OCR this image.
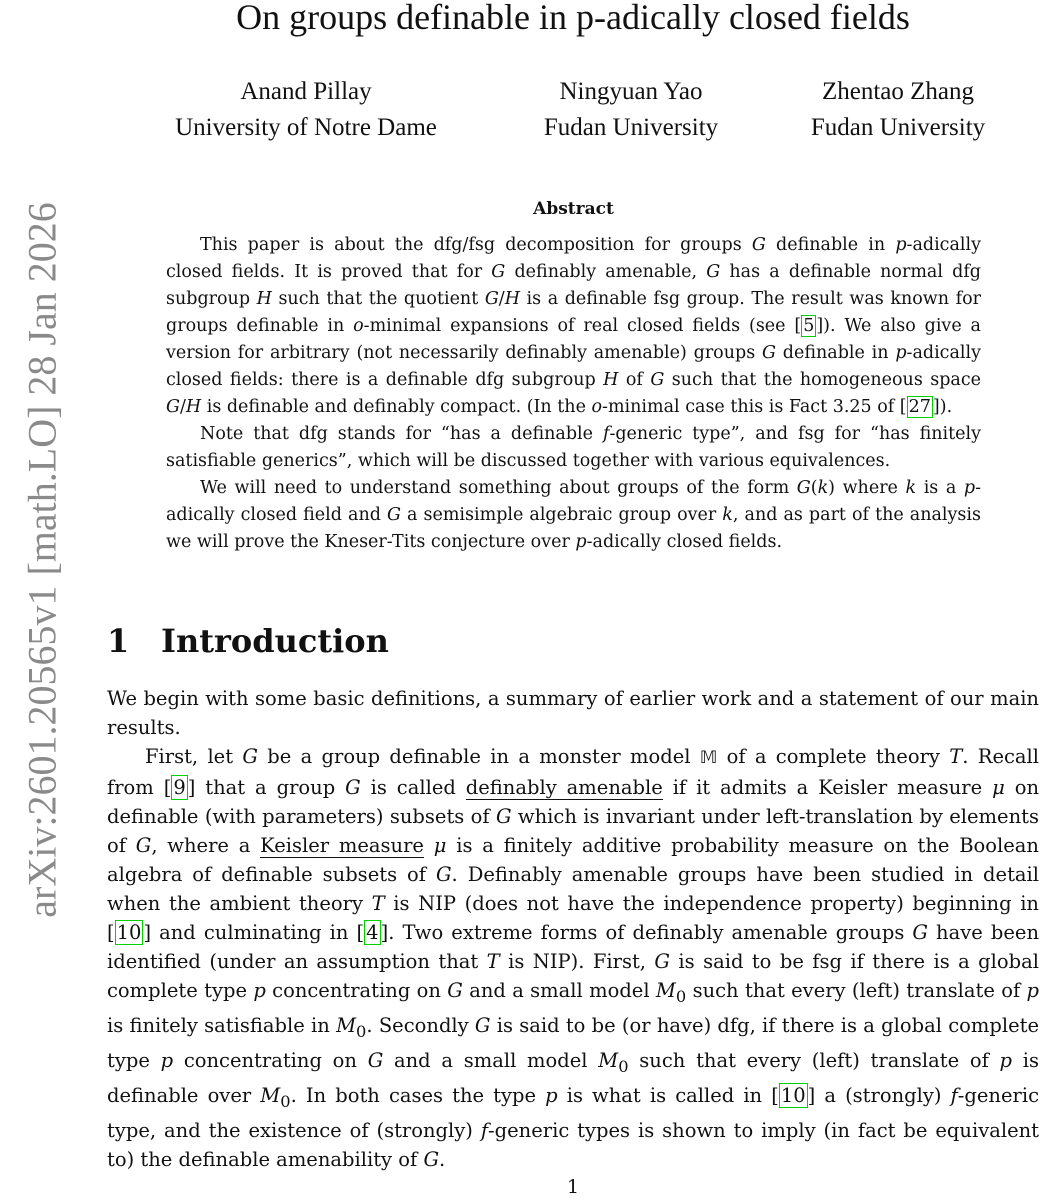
arXiv:2601.20565v1 [math.LO] 28 Jan 2026
On groups definable in p-adically closed fields
Anand Pillay
University of Notre Dame
Ningyuan Yao
Fudan University
Zhentao Zhang
Fudan University
Abstract

This paper is about the dfg/fsg decomposition for groups G definable in p-adically closed fields. It is proved that for G definably amenable, G has a definable normal dfg subgroup H such that the quotient G/H is a definable fsg group. The result was known for groups definable in o-minimal expansions of real closed fields (see [ 5 ]). We also give a version for arbitrary (not necessarily definably amenable) groups G definable in p-adically closed fields: there is a definable dfg subgroup H of G such that the homogeneous space G/H is definable and definably compact. (In the o-minimal case this is Fact 3.25 of [ 27 ]).

Note that dfg stands for “has a definable f-generic type”, and fsg for “has finitely satisfiable generics”, which will be discussed together with various equivalences.

We will need to understand something about groups of the form G(k) where k is a p-adically closed field and G a semisimple algebraic group over k, and as part of the analysis we will prove the Kneser-Tits conjecture over p-adically closed fields.

1 Introduction

We begin with some basic definitions, a summary of earlier work and a statement of our main results.

First, let G be a group definable in a monster model 𝕄 of a complete theory T. Recall from [ 9 ] that a group G is called definably amenable if it admits a Keisler measure μ on definable (with parameters) subsets of G which is invariant under left-translation by elements of G, where a Keisler measure μ is a finitely additive probability measure on the Boolean algebra of definable subsets of G. Definably amenable groups have been studied in detail when the ambient theory T is NIP (does not have the independence property) beginning in [ 10 ] and culminating in [ 4 ]. Two extreme forms of definably amenable groups G have been identified (under an assumption that T is NIP). First, G is said to be fsg if there is a global complete type p concentrating on G and a small model $M_0$ such that every (left) translate of p is finitely satisfiable in $M_0$. Secondly G is said to be (or have) dfg, if there is a global complete type p concentrating on G and a small model $M_0$ such that every (left) translate of p is definable over $M_0$. In both cases the type p is what is called in [ 10 ] a (strongly) f-generic type, and the existence of (strongly) f-generic types is shown to imply (in fact be equivalent to) the definable amenability of G.

1
